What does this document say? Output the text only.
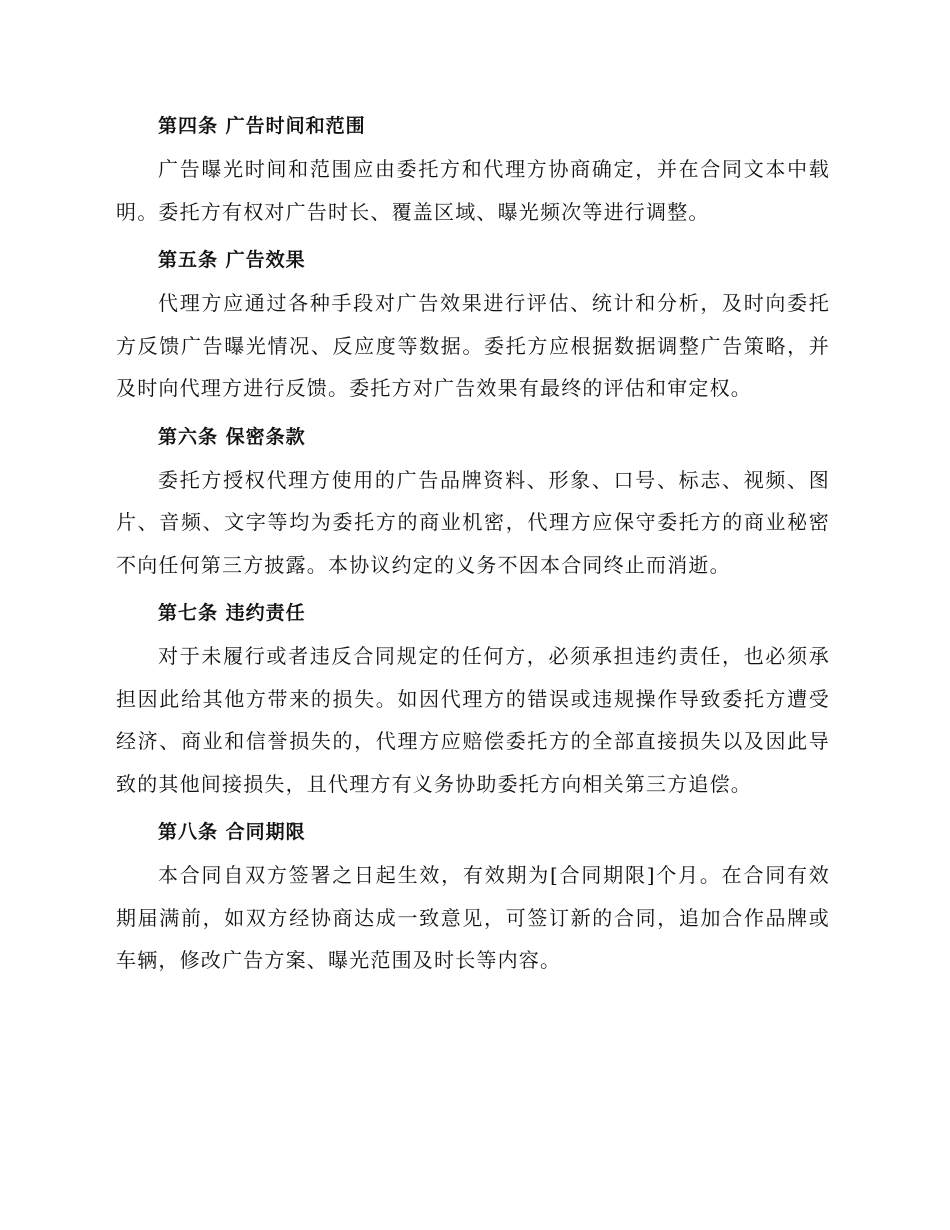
第四条 广告时间和范围

广告曝光时间和范围应由委托方和代理方协商确定，并在合同文本中载明。委托方有权对广告时长、覆盖区域、曝光频次等进行调整。

第五条 广告效果

代理方应通过各种手段对广告效果进行评估、统计和分析，及时向委托方反馈广告曝光情况、反应度等数据。委托方应根据数据调整广告策略，并及时向代理方进行反馈。委托方对广告效果有最终的评估和审定权。

第六条 保密条款

委托方授权代理方使用的广告品牌资料、形象、口号、标志、视频、图片、音频、文字等均为委托方的商业机密，代理方应保守委托方的商业秘密不向任何第三方披露。本协议约定的义务不因本合同终止而消逝。

第七条 违约责任

对于未履行或者违反合同规定的任何方，必须承担违约责任，也必须承担因此给其他方带来的损失。如因代理方的错误或违规操作导致委托方遭受经济、商业和信誉损失的，代理方应赔偿委托方的全部直接损失以及因此导致的其他间接损失，且代理方有义务协助委托方向相关第三方追偿。

第八条 合同期限

本合同自双方签署之日起生效，有效期为[合同期限]个月。在合同有效期届满前，如双方经协商达成一致意见，可签订新的合同，追加合作品牌或车辆，修改广告方案、曝光范围及时长等内容。
